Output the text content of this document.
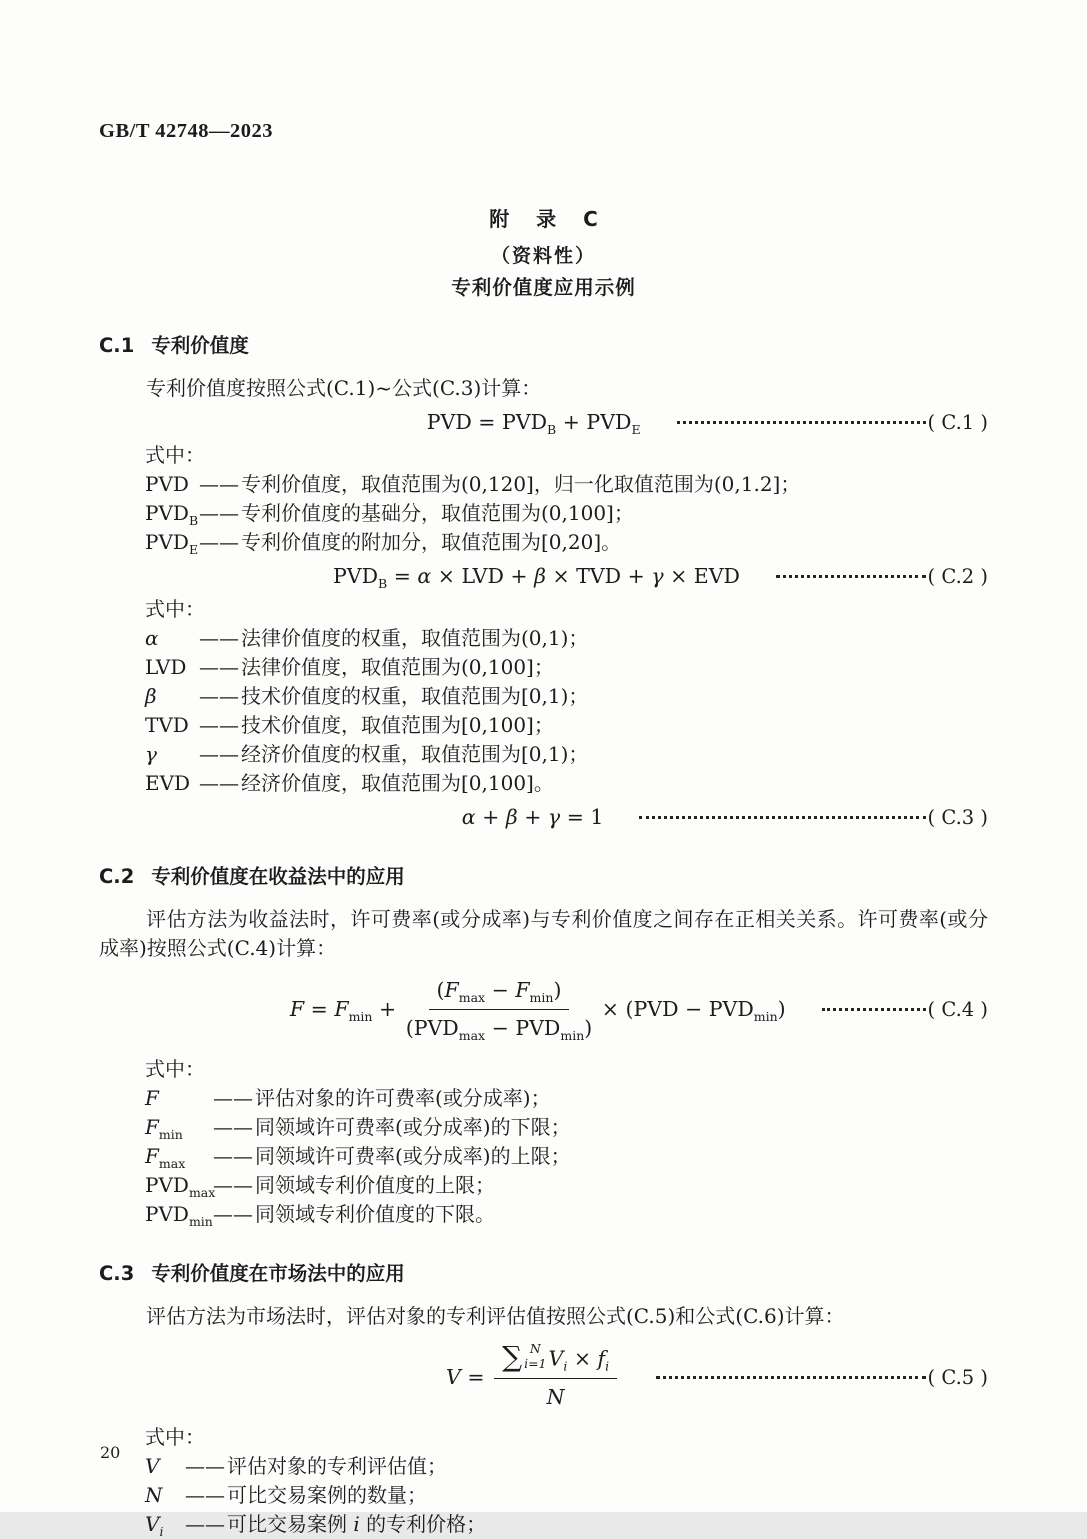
GB/T 42748—2023
附 录 C
（资料性）
专利价值度应用示例
C.1 专利价值度
专利价值度按照公式(C.1)~公式(C.3)计算：
PVD = $PVD_B + PVD_E$	( C.1 )
式中：
PVD —— 专利价值度，取值范围为(0,120]，归一化取值范围为(0,1.2]；
$PVD_B$ —— 专利价值度的基础分，取值范围为(0,100]；
$PVD_E$ —— 专利价值度的附加分，取值范围为[0,20]。
$PVD_B = \alpha$ × LVD + β × TVD + γ × EVD	( C.2 )
式中：
α	—— 法律价值度的权重，取值范围为(0,1)；
LVD —— 法律价值度，取值范围为(0,100]；
β	—— 技术价值度的权重，取值范围为[0,1)；
TVD —— 技术价值度，取值范围为[0,100]；
γ	—— 经济价值度的权重，取值范围为[0,1)；
EVD —— 经济价值度，取值范围为[0,100]。
α + β + γ = 1	( C.3 )
C.2 专利价值度在收益法中的应用
评估方法为收益法时，许可费率(或分成率)与专利价值度之间存在正相关关系。许可费率(或分成率)按照公式(C.4)计算：
$F = F_{min} + \frac{(F_{max} - F_{min})}{(PVD_{max} - PVD_{min})} \times (PVD - PVD_{min})$	( C.4 )
式中：
F	—— 评估对象的许可费率(或分成率)；
$F_{min}$	—— 同领域许可费率(或分成率)的下限；
$F_{max}$	—— 同领域许可费率(或分成率)的上限；
$PVD_{max}$
—— 同领域专利价值度的上限；
$PVD_{min}$ —— 同领域专利价值度的下限。
C.3 专利价值度在市场法中的应用
评估方法为市场法时，评估对象的专利评估值按照公式(C.5)和公式(C.6)计算：
V = ∑ N
i=1 $V_i \times f_i$
N	( C.5 )
式中：
V	—— 评估对象的专利评估值；
N	—— 可比交易案例的数量；
$V_i$	—— 可比交易案例 i 的专利价格；
20
